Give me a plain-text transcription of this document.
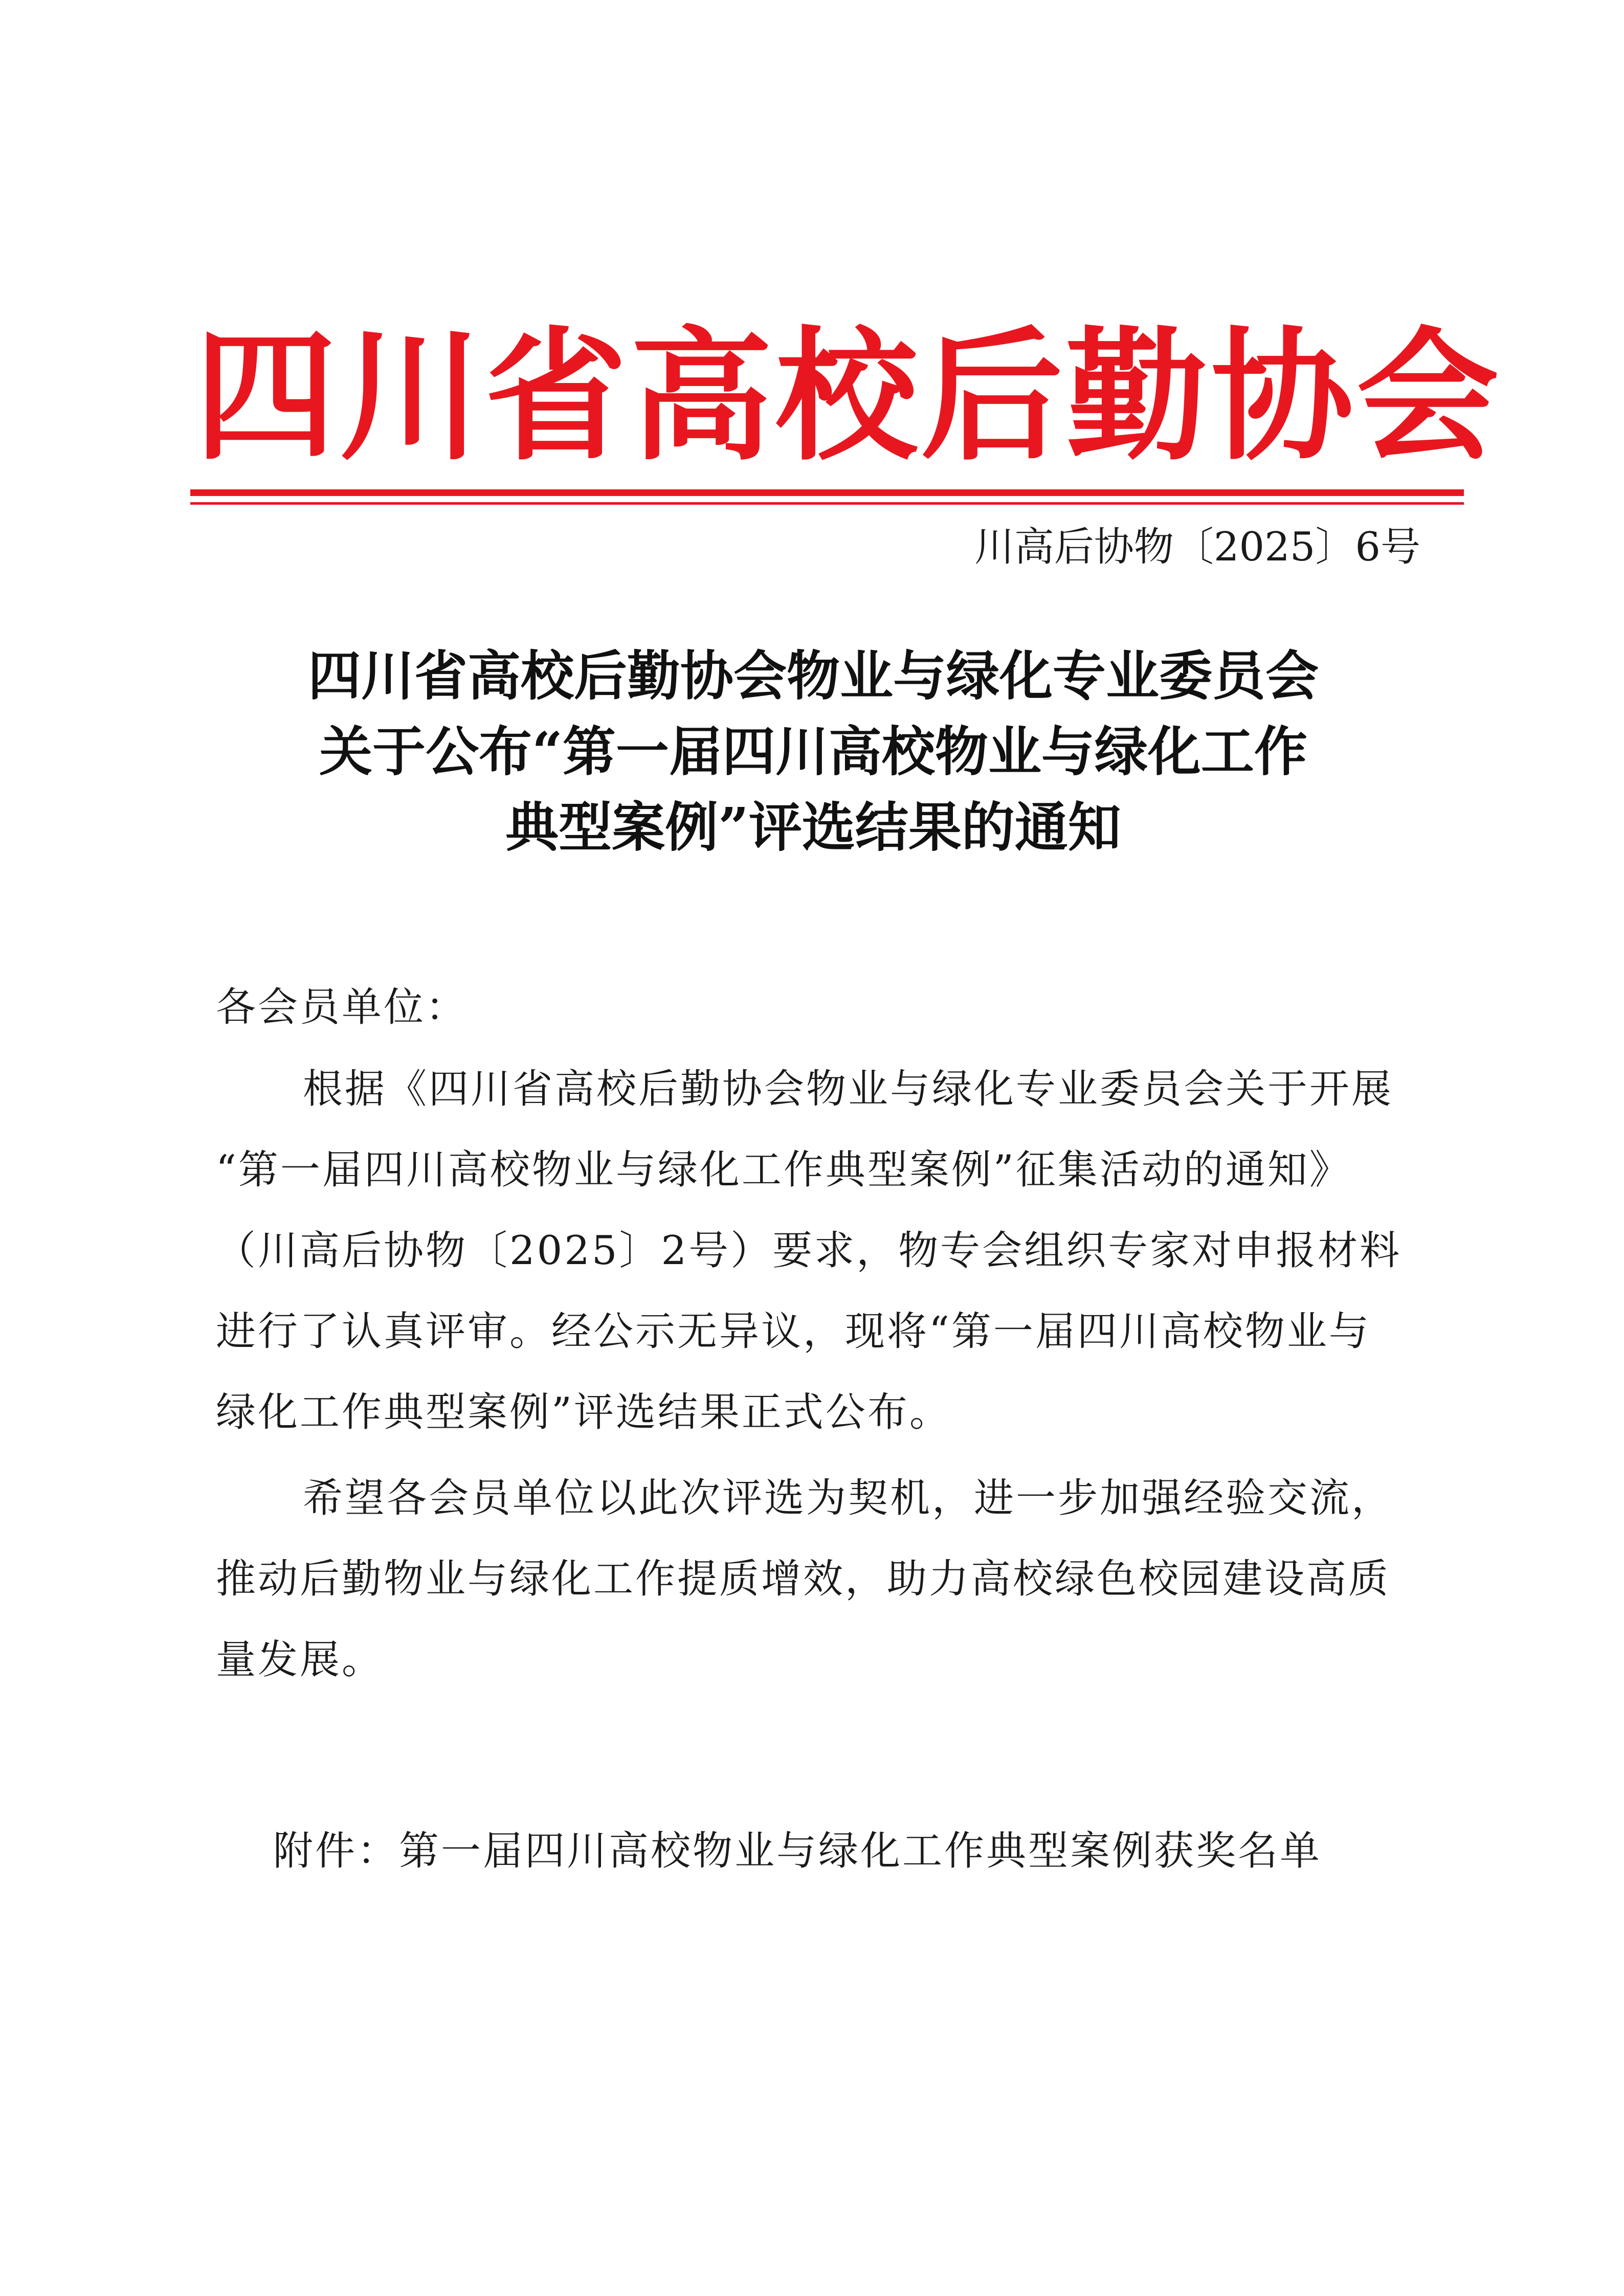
四川省高校后勤协会
川高后协物〔2025〕6号
四川省高校后勤协会物业与绿化专业委员会
关于公布“第一届四川高校物业与绿化工作
典型案例”评选结果的通知
各会员单位：
根据《四川省高校后勤协会物业与绿化专业委员会关于开展
“第一届四川高校物业与绿化工作典型案例”征集活动的通知》
（川高后协物〔2025〕2号）要求，物专会组织专家对申报材料
进行了认真评审。经公示无异议，现将“第一届四川高校物业与
绿化工作典型案例”评选结果正式公布。
希望各会员单位以此次评选为契机，进一步加强经验交流，
推动后勤物业与绿化工作提质增效，助力高校绿色校园建设高质
量发展。
附件：第一届四川高校物业与绿化工作典型案例获奖名单
